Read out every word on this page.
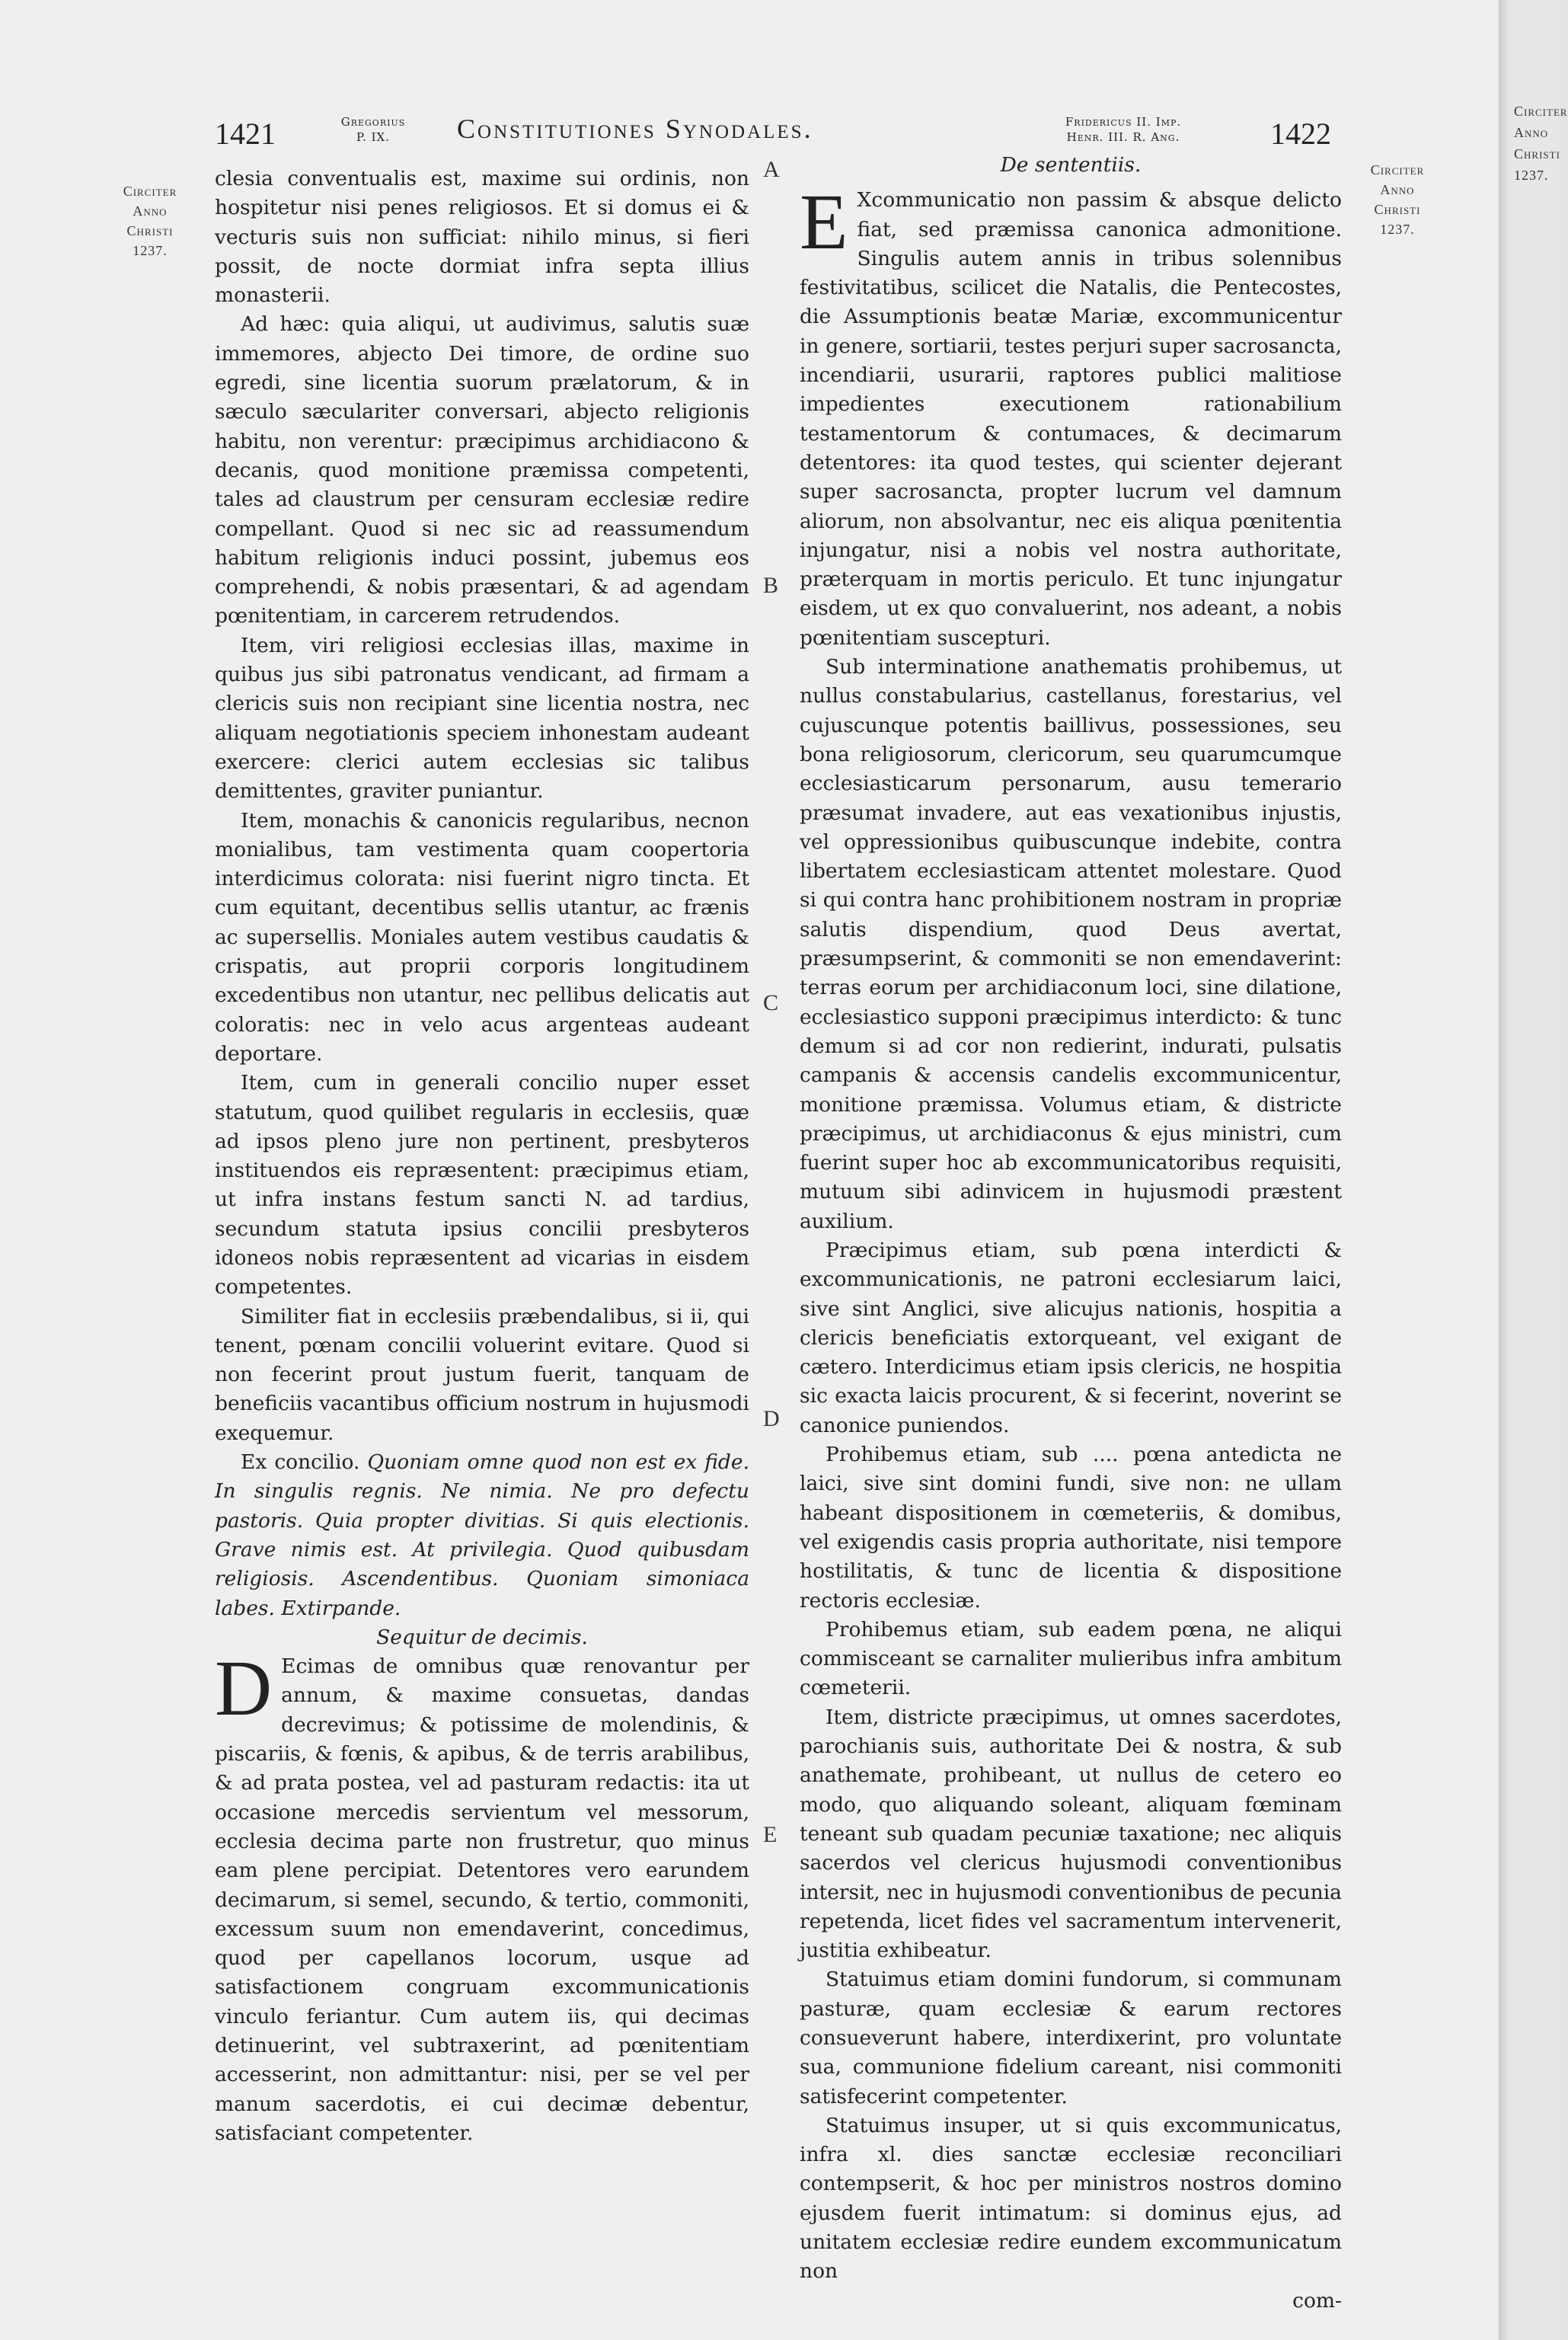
1421	Gregorius
P. IX.	Constitutiones Synodales.	Fridericus II. Imp.
Henr. III. R. Ang.	1422
Circiter
Anno
Christi
1237.
Circiter
Anno
Christi
1237.
A
B
C
D
E

clesia conventualis est, maxime sui ordinis, non hospitetur nisi penes religiosos. Et si domus ei & vecturis suis non sufficiat: nihilo minus, si fieri possit, de nocte dormiat infra septa illius monasterii.

Ad hæc: quia aliqui, ut audivimus, salutis suæ immemores, abjecto Dei timore, de ordine suo egredi, sine licentia suorum prælatorum, & in sæculo sæculariter conversari, abjecto religionis habitu, non verentur: præcipimus archidiacono & decanis, quod monitione præmissa competenti, tales ad claustrum per censuram ecclesiæ redire compellant. Quod si nec sic ad reassumendum habitum religionis induci possint, jubemus eos comprehendi, & nobis præsentari, & ad agendam pœnitentiam, in carcerem retrudendos.

Item, viri religiosi ecclesias illas, maxime in quibus jus sibi patronatus vendicant, ad firmam a clericis suis non recipiant sine licentia nostra, nec aliquam negotiationis speciem inhonestam audeant exercere: clerici autem ecclesias sic talibus demittentes, graviter puniantur.

Item, monachis & canonicis regularibus, necnon monialibus, tam vestimenta quam coopertoria interdicimus colorata: nisi fuerint nigro tincta. Et cum equitant, decentibus sellis utantur, ac frænis ac supersellis. Moniales autem vestibus caudatis & crispatis, aut proprii corporis longitudinem excedentibus non utantur, nec pellibus delicatis aut coloratis: nec in velo acus argenteas audeant deportare.

Item, cum in generali concilio nuper esset statutum, quod quilibet regularis in ecclesiis, quæ ad ipsos pleno jure non pertinent, presbyteros instituendos eis repræsentent: præcipimus etiam, ut infra instans festum sancti N. ad tardius, secundum statuta ipsius concilii presbyteros idoneos nobis repræsentent ad vicarias in eisdem competentes.

Similiter fiat in ecclesiis præbendalibus, si ii, qui tenent, pœnam concilii voluerint evitare. Quod si non fecerint prout justum fuerit, tanquam de beneficiis vacantibus officium nostrum in hujusmodi exequemur.

Ex concilio. Quoniam omne quod non est ex fide. In singulis regnis. Ne nimia. Ne pro defectu pastoris. Quia propter divitias. Si quis electionis. Grave nimis est. At privilegia. Quod quibusdam religiosis. Ascendentibus. Quoniam simoniaca labes. Extirpande.

Sequitur de decimis.

D Ecimas de omnibus quæ renovantur per annum, & maxime consuetas, dandas decrevimus; & potissime de molendinis, & piscariis, & fœnis, & apibus, & de terris arabilibus, & ad prata postea, vel ad pasturam redactis: ita ut occasione mercedis servientum vel messorum, ecclesia decima parte non frustretur, quo minus eam plene percipiat. Detentores vero earundem decimarum, si semel, secundo, & tertio, commoniti, excessum suum non emendaverint, concedimus, quod per capellanos locorum, usque ad satisfactionem congruam excommunicationis vinculo feriantur. Cum autem iis, qui decimas detinuerint, vel subtraxerint, ad pœnitentiam accesserint, non admittantur: nisi, per se vel per manum sacerdotis, ei cui decimæ debentur, satisfaciant competenter.

De sententiis.

E Xcommunicatio non passim & absque delicto fiat, sed præmissa canonica admonitione. Singulis autem annis in tribus solennibus festivitatibus, scilicet die Natalis, die Pentecostes, die Assumptionis beatæ Mariæ, excommunicentur in genere, sortiarii, testes perjuri super sacrosancta, incendiarii, usurarii, raptores publici malitiose impedientes executionem rationabilium testamentorum & contumaces, & decimarum detentores: ita quod testes, qui scienter dejerant super sacrosancta, propter lucrum vel damnum aliorum, non absolvantur, nec eis aliqua pœnitentia injungatur, nisi a nobis vel nostra authoritate, præterquam in mortis periculo. Et tunc injungatur eisdem, ut ex quo convaluerint, nos adeant, a nobis pœnitentiam suscepturi.

Sub interminatione anathematis prohibemus, ut nullus constabularius, castellanus, forestarius, vel cujuscunque potentis baillivus, possessiones, seu bona religiosorum, clericorum, seu quarumcumque ecclesiasticarum personarum, ausu temerario præsumat invadere, aut eas vexationibus injustis, vel oppressionibus quibuscunque indebite, contra libertatem ecclesiasticam attentet molestare. Quod si qui contra hanc prohibitionem nostram in propriæ salutis dispendium, quod Deus avertat, præsumpserint, & commoniti se non emendaverint: terras eorum per archidiaconum loci, sine dilatione, ecclesiastico supponi præcipimus interdicto: & tunc demum si ad cor non redierint, indurati, pulsatis campanis & accensis candelis excommunicentur, monitione præmissa. Volumus etiam, & districte præcipimus, ut archidiaconus & ejus ministri, cum fuerint super hoc ab excommunicatoribus requisiti, mutuum sibi adinvicem in hujusmodi præstent auxilium.

Præcipimus etiam, sub pœna interdicti & excommunicationis, ne patroni ecclesiarum laici, sive sint Anglici, sive alicujus nationis, hospitia a clericis beneficiatis extorqueant, vel exigant de cætero. Interdicimus etiam ipsis clericis, ne hospitia sic exacta laicis procurent, & si fecerint, noverint se canonice puniendos.

Prohibemus etiam, sub .... pœna antedicta ne laici, sive sint domini fundi, sive non: ne ullam habeant dispositionem in cœmeteriis, & domibus, vel exigendis casis propria authoritate, nisi tempore hostilitatis, & tunc de licentia & dispositione rectoris ecclesiæ.

Prohibemus etiam, sub eadem pœna, ne aliqui commisceant se carnaliter mulieribus infra ambitum cœmeterii.

Item, districte præcipimus, ut omnes sacerdotes, parochianis suis, authoritate Dei & nostra, & sub anathemate, prohibeant, ut nullus de cetero eo modo, quo aliquando soleant, aliquam fœminam teneant sub quadam pecuniæ taxatione; nec aliquis sacerdos vel clericus hujusmodi conventionibus intersit, nec in hujusmodi conventionibus de pecunia repetenda, licet fides vel sacramentum intervenerit, justitia exhibeatur.

Statuimus etiam domini fundorum, si communam pasturæ, quam ecclesiæ & earum rectores consueverunt habere, interdixerint, pro voluntate sua, communione fidelium careant, nisi commoniti satisfecerint competenter.

Statuimus insuper, ut si quis excommunicatus, infra xl. dies sanctæ ecclesiæ reconciliari contempserit, & hoc per ministros nostros domino ejusdem fuerit intimatum: si dominus ejus, ad unitatem ecclesiæ redire eundem excommunicatum non

com-

Circiter
Anno
Christi
1237.
